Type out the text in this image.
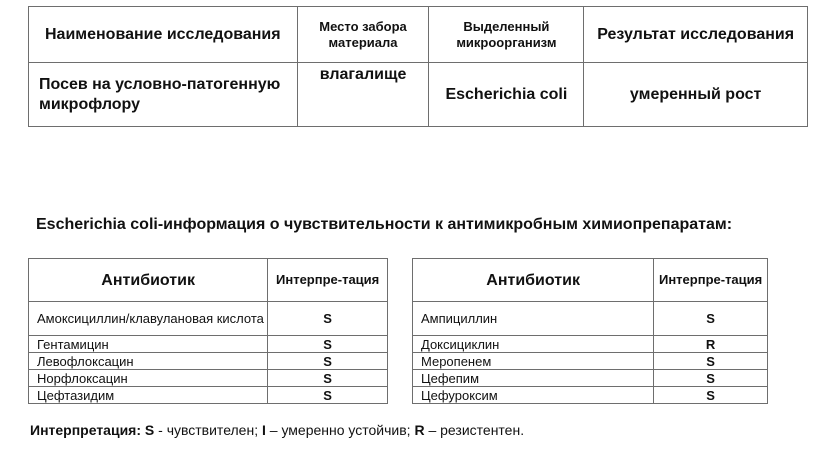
Наименование исследования	Место забора материала	Выделенный микроорганизм	Результат исследования
Посев на условно-патогенную микрофлору	влагалище	Escherichia coli	умеренный рост

Escherichia coli-информация о чувствительности к антимикробным химиопрепаратам:

Антибиотик	Интерпре-тация
Амоксициллин/клавулановая кислота	S
Гентамицин	S
Левофлоксацин	S
Норфлоксацин	S
Цефтазидим	S
Антибиотик	Интерпре-тация
Ампициллин	S
Доксициклин	R
Меропенем	S
Цефепим	S
Цефуроксим	S
Интерпретация: S - чувствителен; I – умеренно устойчив; R – резистентен.
